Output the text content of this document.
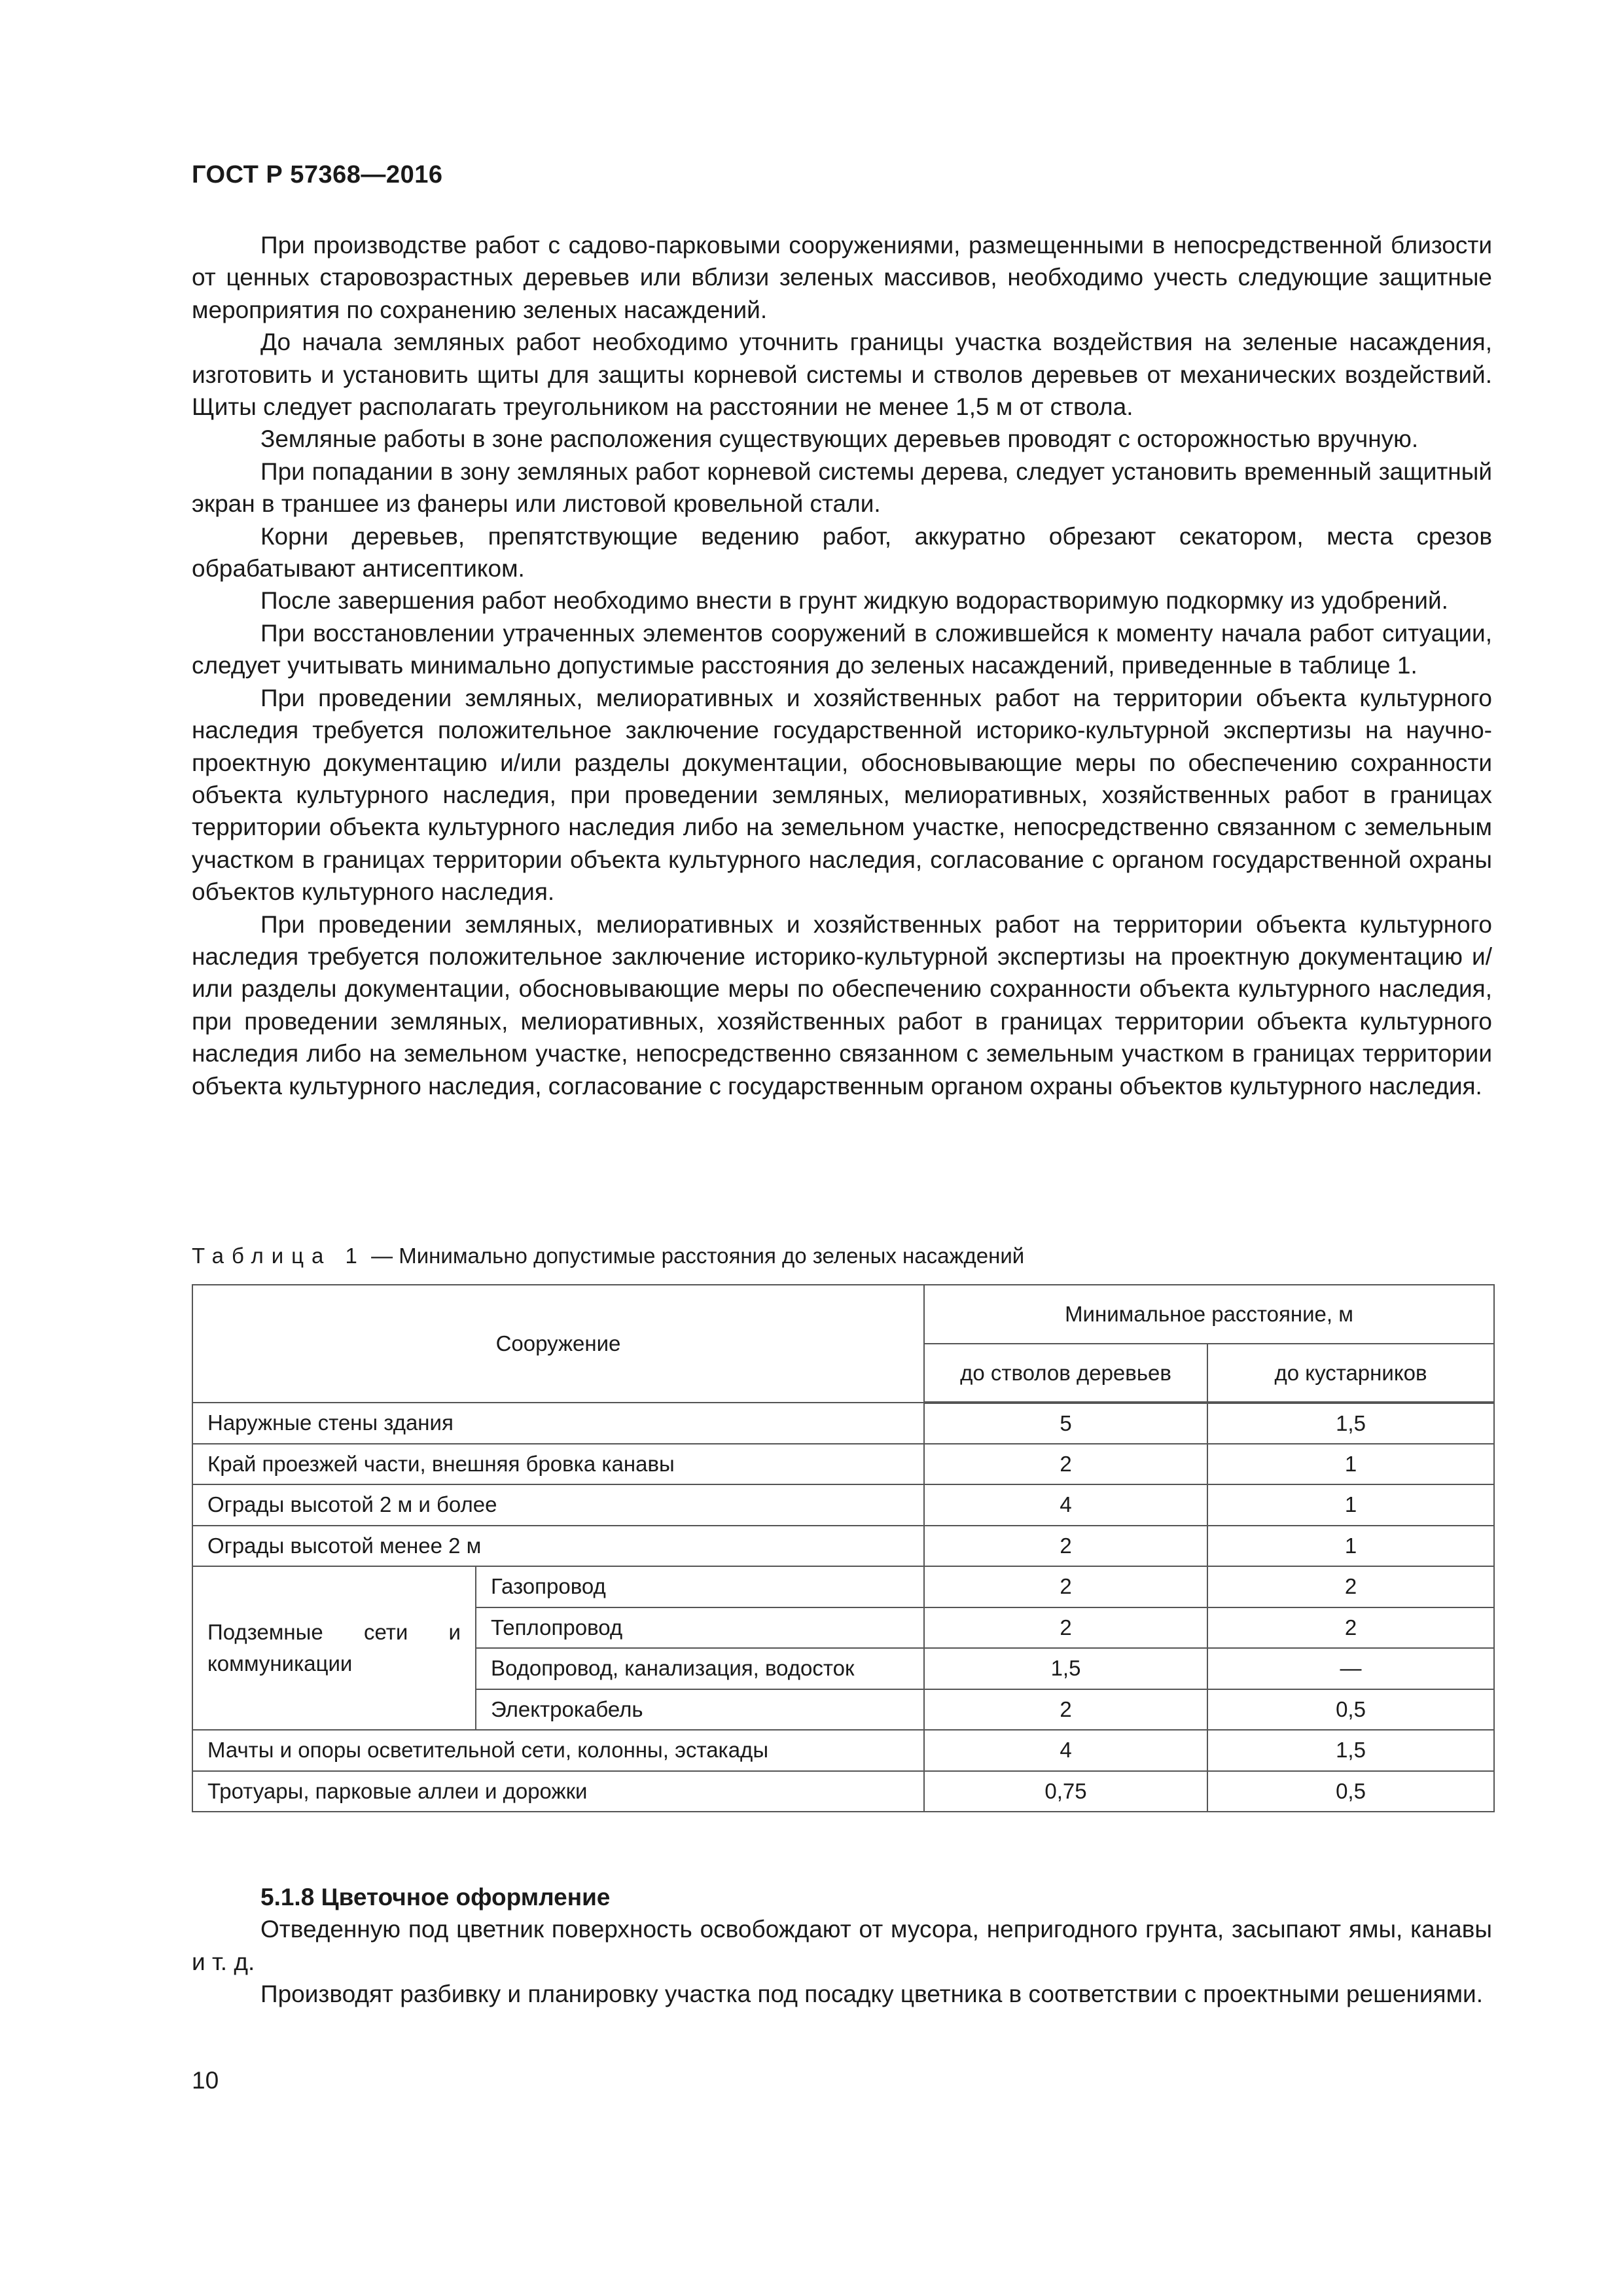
ГОСТ Р 57368—2016

При производстве работ с садово-парковыми сооружениями, размещенными в непосредственной близости от ценных старовозрастных деревьев или вблизи зеленых массивов, необходимо учесть следующие защитные мероприятия по сохранению зеленых насаждений.

До начала земляных работ необходимо уточнить границы участка воздействия на зеленые насаждения, изготовить и установить щиты для защиты корневой системы и стволов деревьев от механических воздействий. Щиты следует располагать треугольником на расстоянии не менее 1,5 м от ствола.

Земляные работы в зоне расположения существующих деревьев проводят с осторожностью вручную.

При попадании в зону земляных работ корневой системы дерева, следует установить временный защитный экран в траншее из фанеры или листовой кровельной стали.

Корни деревьев, препятствующие ведению работ, аккуратно обрезают секатором, места срезов обрабатывают антисептиком.

После завершения работ необходимо внести в грунт жидкую водорастворимую подкормку из удобрений.

При восстановлении утраченных элементов сооружений в сложившейся к моменту начала работ ситуации, следует учитывать минимально допустимые расстояния до зеленых насаждений, приведенные в таблице 1.

При проведении земляных, мелиоративных и хозяйственных работ на территории объекта культурного наследия требуется положительное заключение государственной историко-культурной экспертизы на научно-проектную документацию и/или разделы документации, обосновывающие меры по обеспечению сохранности объекта культурного наследия, при проведении земляных, мелиоративных, хозяйственных работ в границах территории объекта культурного наследия либо на земельном участке, непосредственно связанном с земельным участком в границах территории объекта культурного наследия, согласование с органом государственной охраны объектов культурного наследия.

При проведении земляных, мелиоративных и хозяйственных работ на территории объекта культурного наследия требуется положительное заключение историко-культурной экспертизы на проектную документацию и/или разделы документации, обосновывающие меры по обеспечению сохранности объекта культурного наследия, при проведении земляных, мелиоративных, хозяйственных работ в границах территории объекта культурного наследия либо на земельном участке, непосредственно связанном с земельным участком в границах территории объекта культурного наследия, согласование с государственным органом охраны объектов культурного наследия.

Таблица 1 — Минимально допустимые расстояния до зеленых насаждений
Сооружение		Минимальное расстояние, м	
		до стволов деревьев	до кустарников
Наружные стены здания		5	1,5
Край проезжей части, внешняя бровка канавы		2	1
Ограды высотой 2 м и более		4	1
Ограды высотой менее 2 м		2	1
Подземные сети и коммуникации	Газопровод	2	2
	Теплопровод	2	2
	Водопровод, канализация, водосток	1,5	—
	Электрокабель	2	0,5
Мачты и опоры осветительной сети, колонны, эстакады		4	1,5
Тротуары, парковые аллеи и дорожки		0,75	0,5

5.1.8 Цветочное оформление

Отведенную под цветник поверхность освобождают от мусора, непригодного грунта, засыпают ямы, канавы и т. д.

Производят разбивку и планировку участка под посадку цветника в соответствии с проектными решениями.

10
